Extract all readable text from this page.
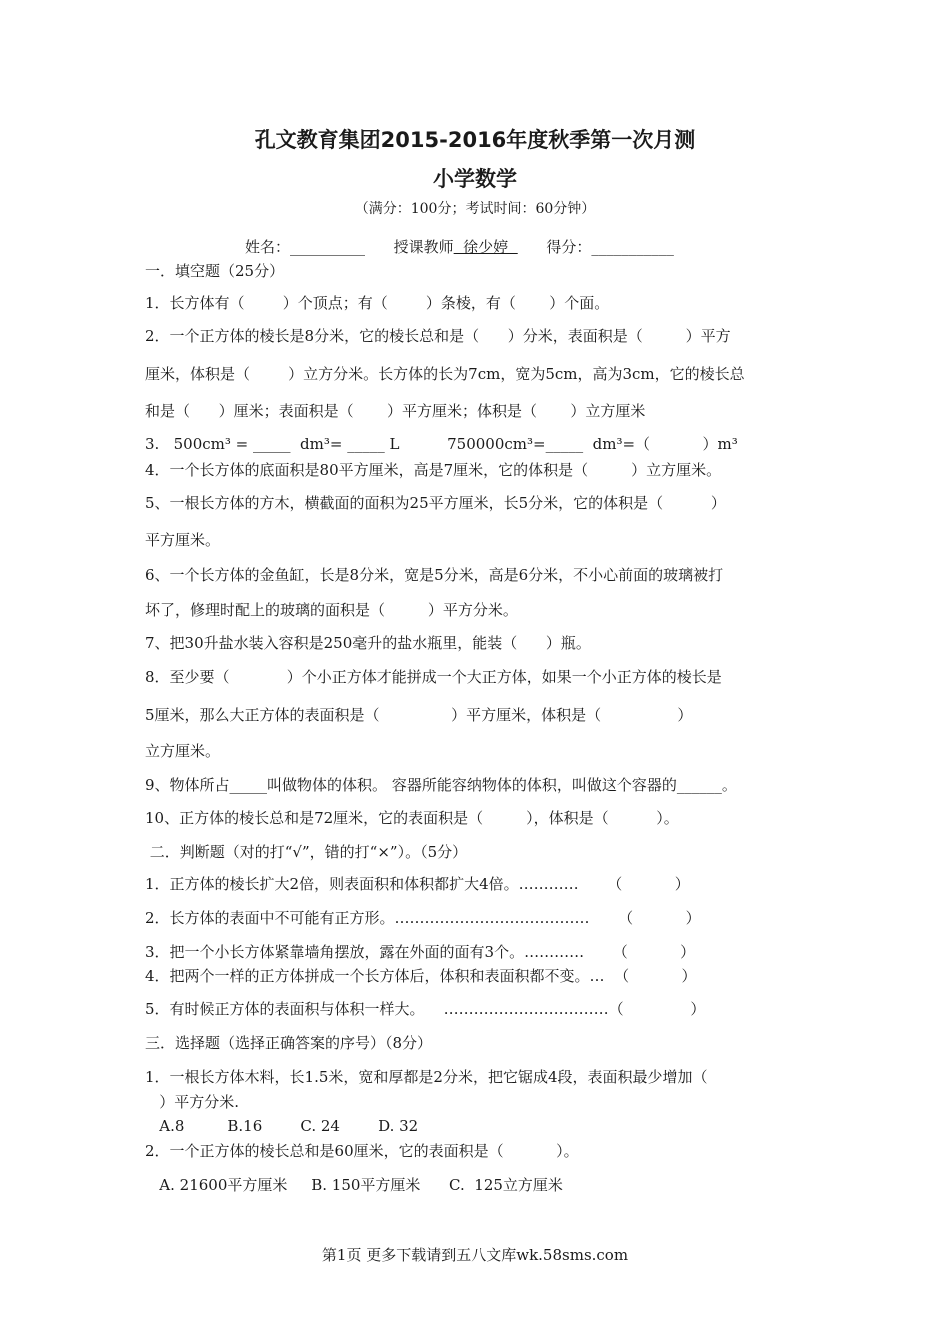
孔文教育集团2015-2016年度秋季第一次月测
小学数学
（满分：100分；考试时间：60分钟）
姓名：__________ 授课教师  徐少婷        得分：___________
一．填空题（25分）
1．长方体有（        ）个顶点；有（        ）条棱，有（       ）个面。
2．一个正方体的棱长是8分米，它的棱长总和是（      ）分米，表面积是（         ）平方
厘米，体积是（        ）立方分米。长方体的长为7cm，宽为5cm，高为3cm，它的棱长总
和是（      ）厘米；表面积是（       ）平方厘米；体积是（       ）立方厘米
3.   500cm³ = _____  dm³= _____ L          750000cm³=_____  dm³=（           ）m³
4．一个长方体的底面积是80平方厘米，高是7厘米，它的体积是（         ）立方厘米。
5、一根长方体的方木，横截面的面积为25平方厘米，长5分米，它的体积是（          ）
平方厘米。
6、一个长方体的金鱼缸，长是8分米，宽是5分米，高是6分米，不小心前面的玻璃被打
坏了，修理时配上的玻璃的面积是（         ）平方分米。
7、把30升盐水装入容积是250毫升的盐水瓶里，能装（      ）瓶。
8．至少要（            ）个小正方体才能拼成一个大正方体，如果一个小正方体的棱长是
5厘米，那么大正方体的表面积是（               ）平方厘米，体积是（                ）
立方厘米。
9、物体所占_____叫做物体的体积。 容器所能容纳物体的体积，叫做这个容器的______。
10、正方体的棱长总和是72厘米，它的表面积是（         ），体积是（          ）。
二．判断题（对的打“√”，错的打“×”）。（5分）
1．正方体的棱长扩大2倍，则表面积和体积都扩大4倍。…………      （           ）
2．长方体的表面中不可能有正方形。…………………………………      （           ）
3．把一个小长方体紧靠墙角摆放，露在外面的面有3个。…………      （           ）
4．把两个一样的正方体拼成一个长方体后，体积和表面积都不变。…  （           ）
5．有时候正方体的表面积与体积一样大。    ……………………………（              ）
三．选择题（选择正确答案的序号）（8分）
1．一根长方体木料，长1.5米，宽和厚都是2分米，把它锯成4段，表面积最少增加（
）平方分米.
A.8         B.16        C. 24        D. 32
2．一个正方体的棱长总和是60厘米，它的表面积是（           ）。
A. 21600平方厘米     B. 150平方厘米      C.  125立方厘米
第1页 更多下载请到五八文库wk.58sms.com
